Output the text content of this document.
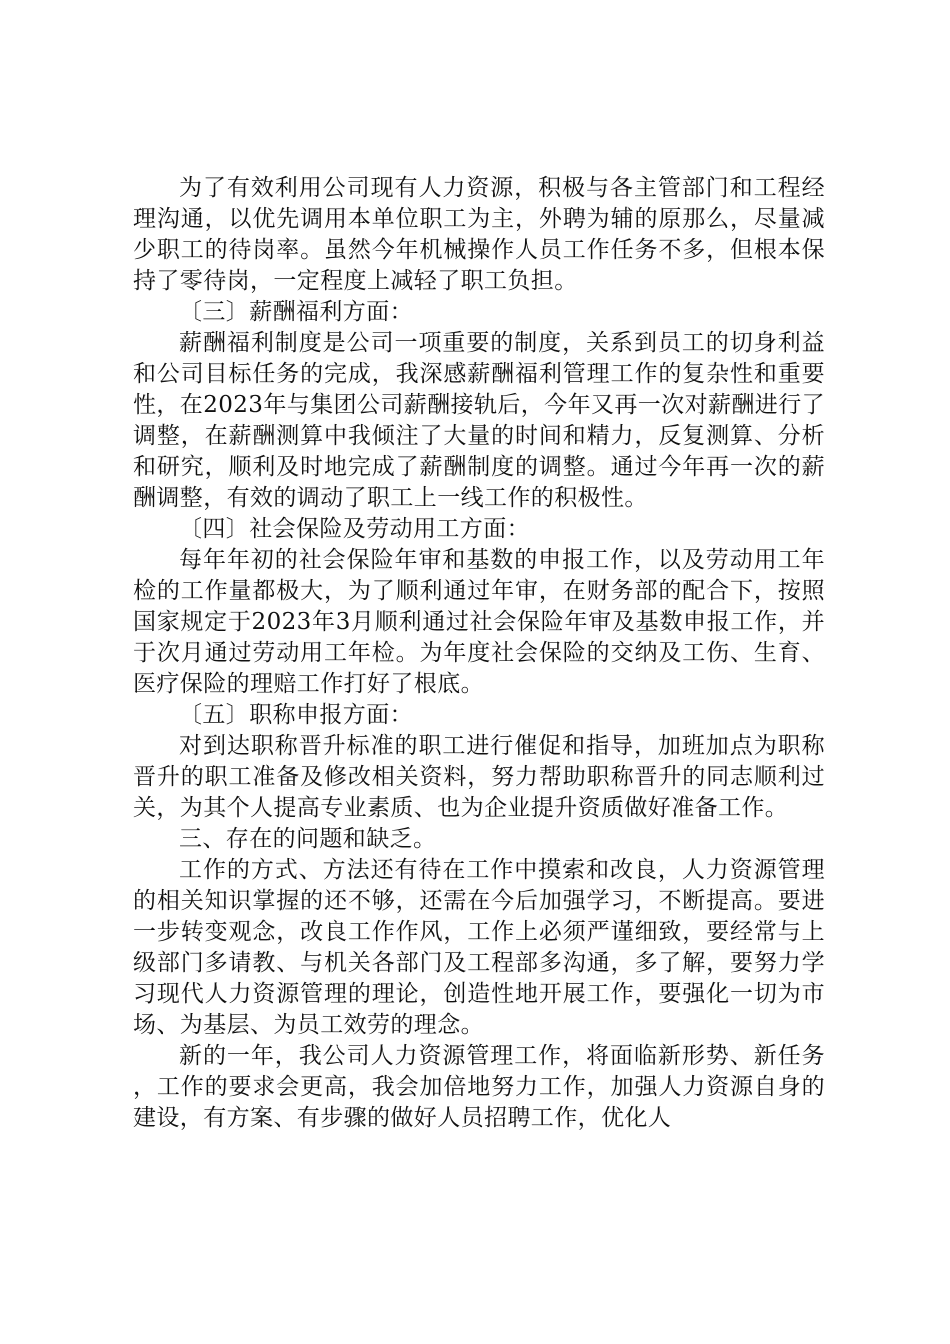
为了有效利用公司现有人力资源，积极与各主管部门和工程经理沟通，以优先调用本单位职工为主，外聘为辅的原那么，尽量减少职工的待岗率。虽然今年机械操作人员工作任务不多，但根本保持了零待岗，一定程度上减轻了职工负担。

〔三〕薪酬福利方面：

薪酬福利制度是公司一项重要的制度，关系到员工的切身利益和公司目标任务的完成，我深感薪酬福利管理工作的复杂性和重要性，在2023年与集团公司薪酬接轨后，今年又再一次对薪酬进行了调整，在薪酬测算中我倾注了大量的时间和精力，反复测算、分析和研究，顺利及时地完成了薪酬制度的调整。通过今年再一次的薪酬调整，有效的调动了职工上一线工作的积极性。

〔四〕社会保险及劳动用工方面：

每年年初的社会保险年审和基数的申报工作，以及劳动用工年检的工作量都极大，为了顺利通过年审，在财务部的配合下，按照国家规定于2023年3月顺利通过社会保险年审及基数申报工作，并于次月通过劳动用工年检。为年度社会保险的交纳及工伤、生育、医疗保险的理赔工作打好了根底。

〔五〕职称申报方面：

对到达职称晋升标准的职工进行催促和指导，加班加点为职称晋升的职工准备及修改相关资料，努力帮助职称晋升的同志顺利过关，为其个人提高专业素质、也为企业提升资质做好准备工作。

三、存在的问题和缺乏。

工作的方式、方法还有待在工作中摸索和改良，人力资源管理的相关知识掌握的还不够，还需在今后加强学习，不断提高。要进一步转变观念，改良工作作风，工作上必须严谨细致，要经常与上级部门多请教、与机关各部门及工程部多沟通，多了解，要努力学习现代人力资源管理的理论，创造性地开展工作，要强化一切为市场、为基层、为员工效劳的理念。

新的一年，我公司人力资源管理工作，将面临新形势、新任务，工作的要求会更高，我会加倍地努力工作，加强人力资源自身的建设，有方案、有步骤的做好人员招聘工作，优化人
